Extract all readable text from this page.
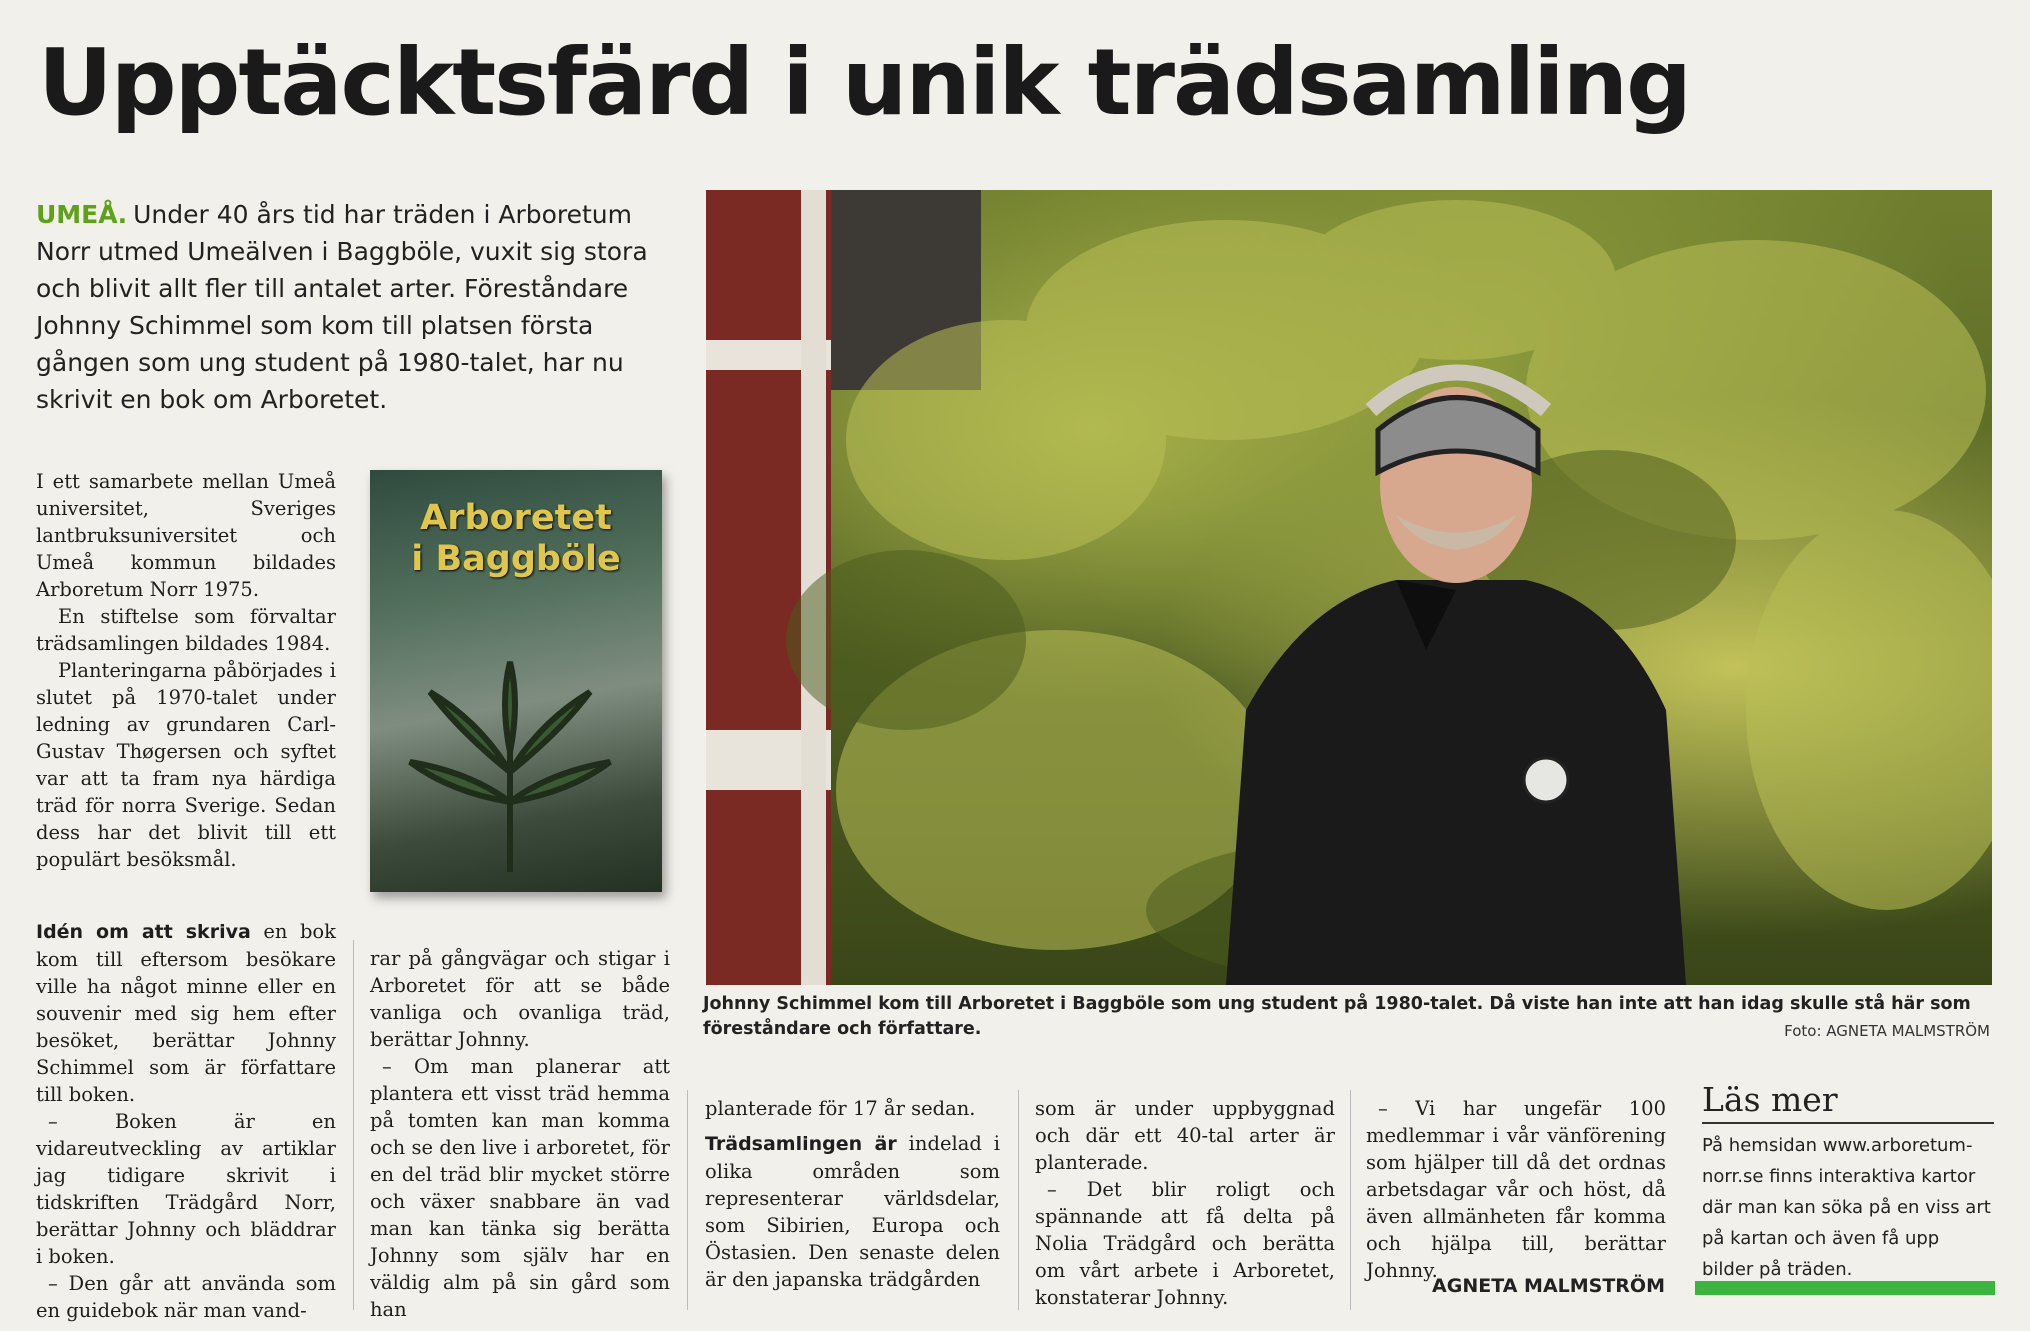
Upptäcktsfärd i unik trädsamling
UMEÅ. Under 40 års tid har träden i Arboretum Norr utmed Umeälven i Baggböle, vuxit sig stora och blivit allt fler till antalet arter. Föreståndare Johnny Schimmel som kom till platsen första gången som ung student på 1980-talet, har nu skrivit en bok om Arboretet.

I ett samarbete mellan Umeå universitet, Sveriges lantbruksuniversitet och Umeå kommun bildades Arboretum Norr 1975.

En stiftelse som förvaltar trädsamlingen bildades 1984.

Planteringarna påbörjades i slutet på 1970-talet under ledning av grundaren Carl-Gustav Thøgersen och syftet var att ta fram nya härdiga träd för norra Sverige. Sedan dess har det blivit till ett populärt besöksmål.

Arboretet
i Baggböle

Idén om att skriva en bok kom till eftersom besökare ville ha något minne eller en souvenir med sig hem efter besöket, berättar Johnny Schimmel som är författare till boken.

– Boken är en vidareutveckling av artiklar jag tidigare skrivit i tidskriften Trädgård Norr, berättar Johnny och bläddrar i boken.

– Den går att använda som en guidebok när man vand-

rar på gångvägar och stigar i Arboretet för att se både vanliga och ovanliga träd, berättar Johnny.

– Om man planerar att plantera ett visst träd hemma på tomten kan man komma och se den live i arboretet, för en del träd blir mycket större och växer snabbare än vad man kan tänka sig berätta Johnny som själv har en väldig alm på sin gård som han

Johnny Schimmel kom till Arboretet i Baggböle som ung student på 1980-talet. Då viste han inte att han idag skulle stå här som föreståndare och författare.	Foto: AGNETA MALMSTRÖM

planterade för 17 år sedan.

Trädsamlingen är indelad i olika områden som representerar världsdelar, som Sibirien, Europa och Östasien. Den senaste delen är den japanska trädgården

som är under uppbyggnad och där ett 40-tal arter är planterade.

– Det blir roligt och spännande att få delta på Nolia Trädgård och berätta om vårt arbete i Arboretet, konstaterar Johnny.

– Vi har ungefär 100 medlemmar i vår vänförening som hjälper till då det ordnas arbetsdagar vår och höst, då även allmänheten får komma och hjälpa till, berättar Johnny.

AGNETA MALMSTRÖM
Läs mer
På hemsidan www.arboretum-norr.se finns interaktiva kartor där man kan söka på en viss art på kartan och även få upp bilder på träden.
